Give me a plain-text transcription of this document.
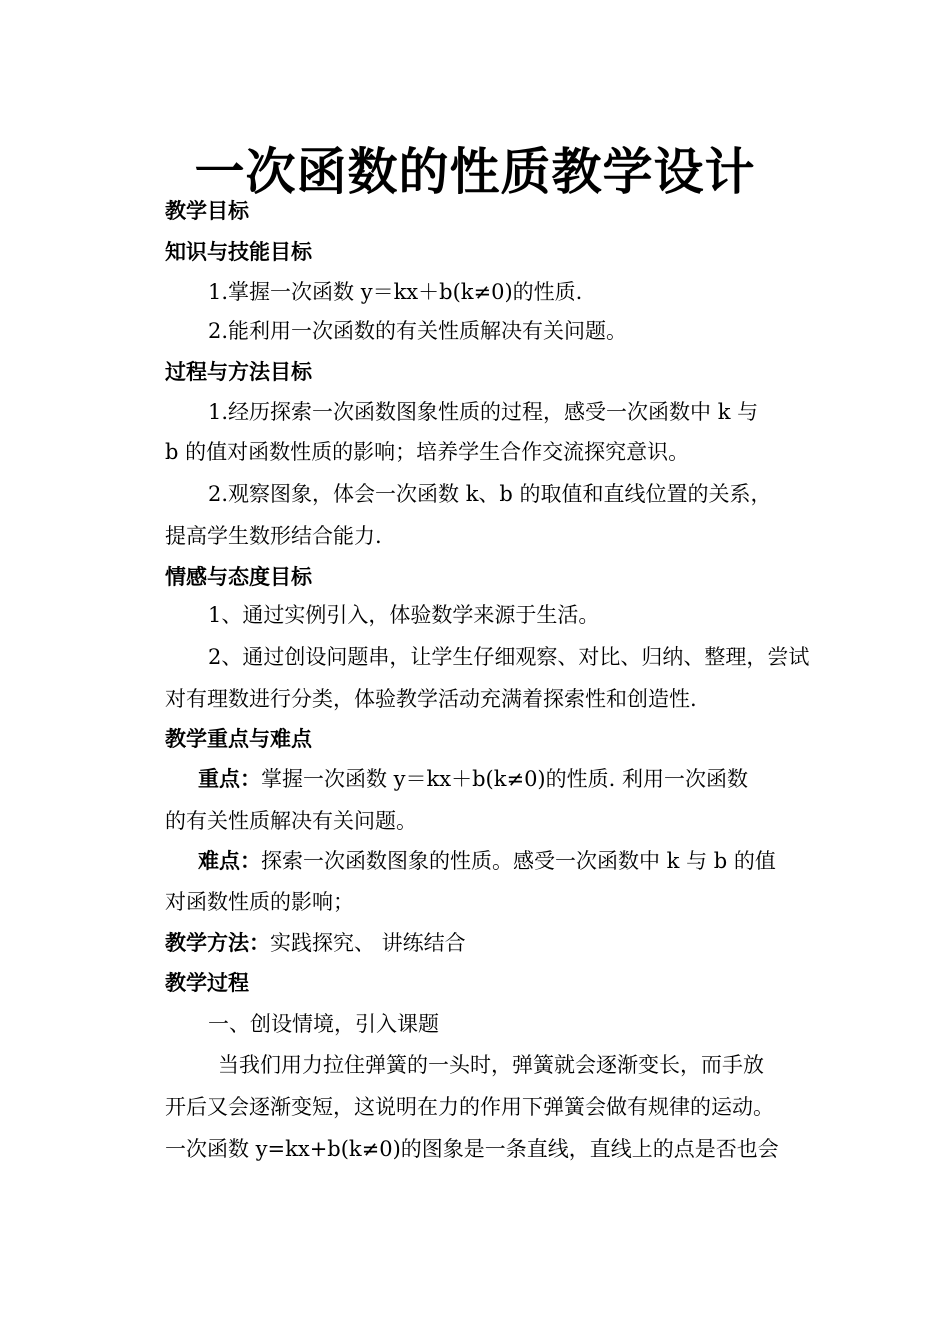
一次函数的性质教学设计
教学目标
知识与技能目标
1.掌握一次函数 y＝kx＋b(k≠0)的性质.
2.能利用一次函数的有关性质解决有关问题。
过程与方法目标
1.经历探索一次函数图象性质的过程，感受一次函数中 k 与
b 的值对函数性质的影响；培养学生合作交流探究意识。
2.观察图象，体会一次函数 k、b 的取值和直线位置的关系，
提高学生数形结合能力.
情感与态度目标
1、通过实例引入，体验数学来源于生活。
2、通过创设问题串，让学生仔细观察、对比、归纳、整理，尝试
对有理数进行分类，体验教学活动充满着探索性和创造性.
教学重点与难点
重点：掌握一次函数 y＝kx＋b(k≠0)的性质. 利用一次函数
的有关性质解决有关问题。
难点：探索一次函数图象的性质。感受一次函数中 k 与 b 的值
对函数性质的影响；
教学方法：实践探究、 讲练结合
教学过程
一、创设情境，引入课题
当我们用力拉住弹簧的一头时，弹簧就会逐渐变长，而手放
开后又会逐渐变短，这说明在力的作用下弹簧会做有规律的运动。
一次函数 y=kx+b(k≠0)的图象是一条直线，直线上的点是否也会
